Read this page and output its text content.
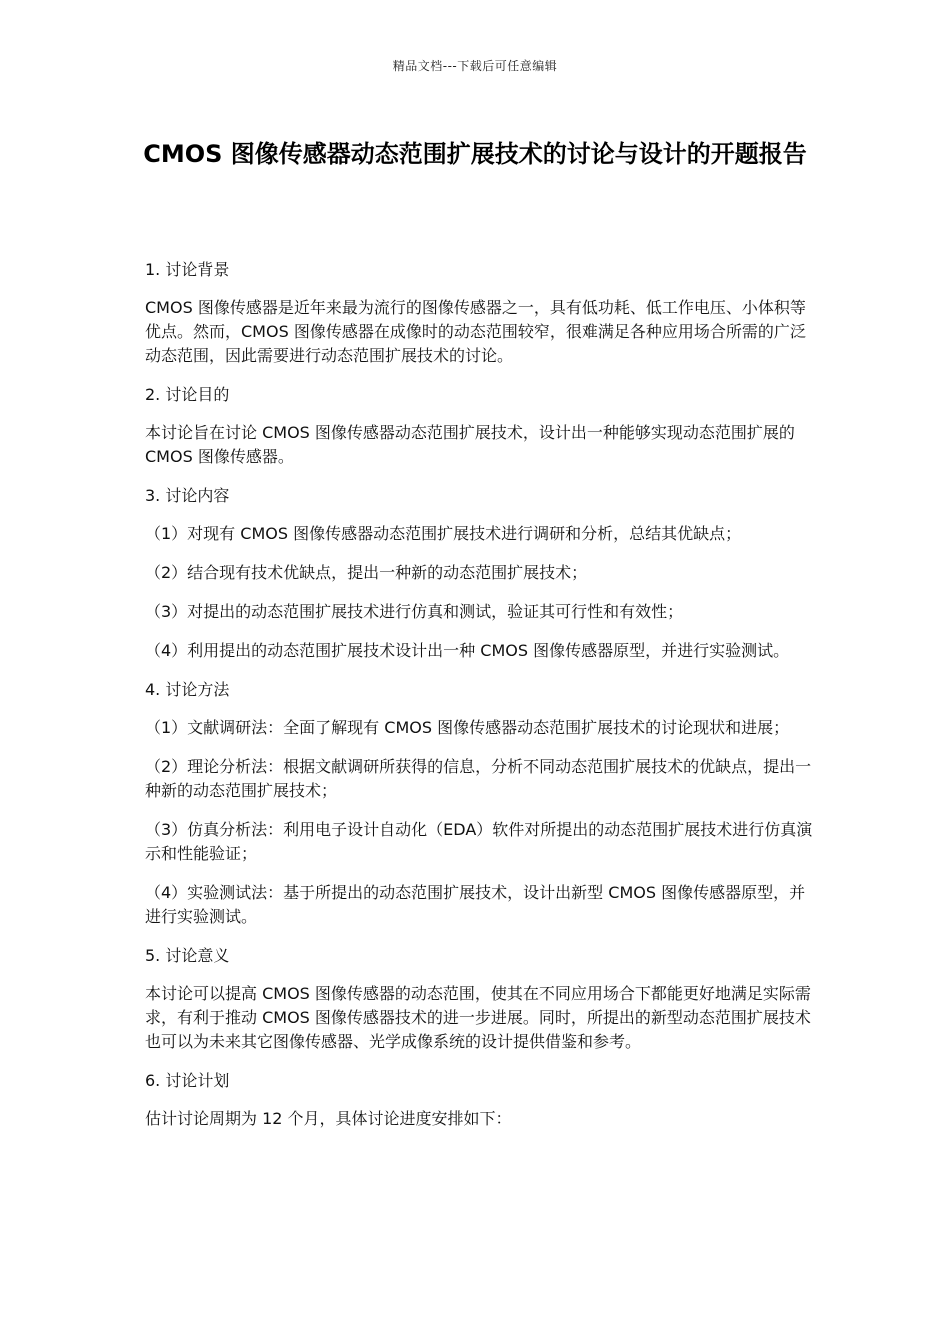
精品文档---下载后可任意编辑
CMOS 图像传感器动态范围扩展技术的讨论与设计的开题报告
1. 讨论背景
CMOS 图像传感器是近年来最为流行的图像传感器之一，具有低功耗、低工作电压、小体积等优点。然而，CMOS 图像传感器在成像时的动态范围较窄，很难满足各种应用场合所需的广泛动态范围，因此需要进行动态范围扩展技术的讨论。
2. 讨论目的
本讨论旨在讨论 CMOS 图像传感器动态范围扩展技术，设计出一种能够实现动态范围扩展的 CMOS 图像传感器。
3. 讨论内容
（1）对现有 CMOS 图像传感器动态范围扩展技术进行调研和分析，总结其优缺点；
（2）结合现有技术优缺点，提出一种新的动态范围扩展技术；
（3）对提出的动态范围扩展技术进行仿真和测试，验证其可行性和有效性；
（4）利用提出的动态范围扩展技术设计出一种 CMOS 图像传感器原型，并进行实验测试。
4. 讨论方法
（1）文献调研法：全面了解现有 CMOS 图像传感器动态范围扩展技术的讨论现状和进展；
（2）理论分析法：根据文献调研所获得的信息，分析不同动态范围扩展技术的优缺点，提出一种新的动态范围扩展技术；
（3）仿真分析法：利用电子设计自动化（EDA）软件对所提出的动态范围扩展技术进行仿真演示和性能验证；
（4）实验测试法：基于所提出的动态范围扩展技术，设计出新型 CMOS 图像传感器原型，并进行实验测试。
5. 讨论意义
本讨论可以提高 CMOS 图像传感器的动态范围，使其在不同应用场合下都能更好地满足实际需求，有利于推动 CMOS 图像传感器技术的进一步进展。同时，所提出的新型动态范围扩展技术也可以为未来其它图像传感器、光学成像系统的设计提供借鉴和参考。
6. 讨论计划
估计讨论周期为 12 个月，具体讨论进度安排如下：
